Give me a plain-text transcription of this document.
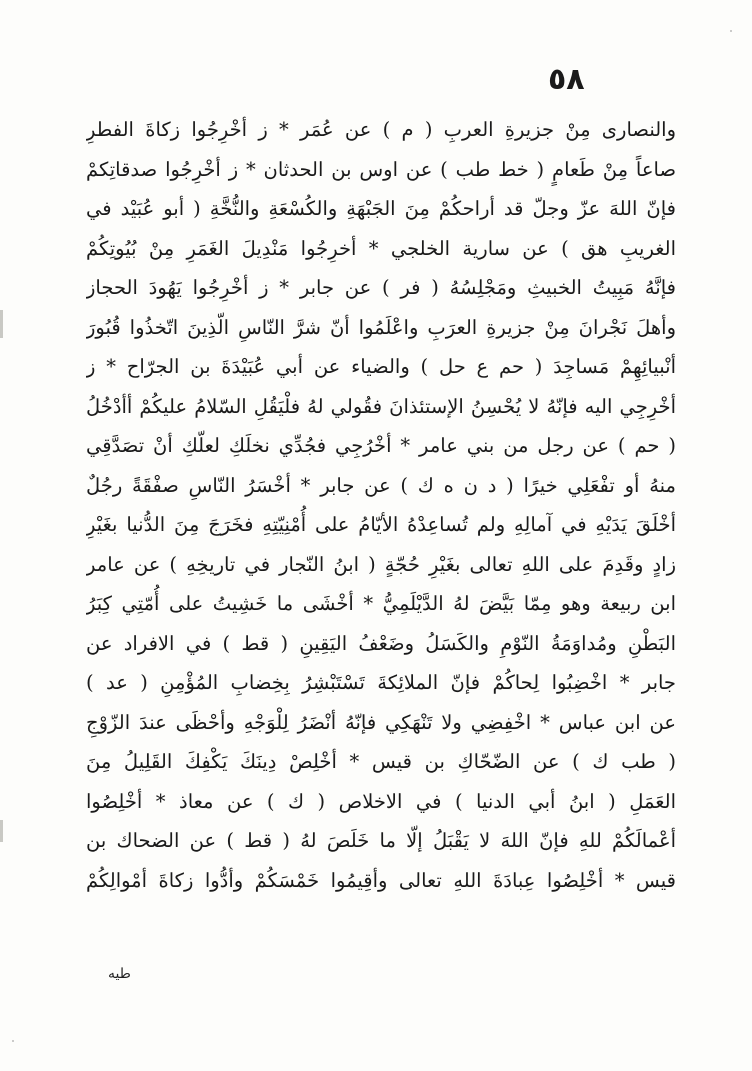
٥٨
والنصارى مِنْ جزيرةِ العربِ ( م ) عن عُمَر * ز أخْرِجُوا زكاةَ الفطرِ
صاعاً مِنْ طَعامٍ ( خط طب ) عن اوس بن الحدثان * ز أخْرِجُوا صدقاتِكمْ
فإنّ اللهَ عزّ وجلّ قد أراحكُمْ مِنَ الجَبْهَةِ والكُسْعَةِ والنُّخَّةِ ( أبو عُبَيْد في
الغريبِ هق ) عن سارية الخلجي * أخرِجُوا مَنْدِيلَ الغَمَرِ مِنْ بُيُوتِكُمْ
فإنَّهُ مَبِيتُ الخبيثِ ومَجْلِسُهُ ( فر ) عن جابر * ز أخْرِجُوا يَهُودَ الحجاز
وأهلَ نَجْرانَ مِنْ جزيرةِ العرَبِ واعْلَمُوا أنّ شرَّ النّاسِ الّذِينَ اتّخذُوا قُبُورَ
أنْبيائِهِمْ مَساجِدَ ( حم ع حل ) والضياء عن أبي عُبَيْدَةَ بن الجرّاح * ز
أخْرِجِي اليه فإنّهُ لا يُحْسِنُ الإستئذانَ فقُولي لهُ فلْيَقُلِ السّلامُ عليكُمْ أأدْخُلُ
( حم ) عن رجل من بني عامر * أخْرُجِي فجُدِّي نخلَكِ لعلّكِ أنْ تصَدَّقِي
منهُ أو تفْعَلِي خيرًا ( د ن ه ك ) عن جابر * أخْسَرُ النّاسِ صفْقَةً رجُلٌ
أخْلَقَ يَدَيْهِ في آمالِهِ ولم تُساعِدْهُ الأيّامُ على أُمْنِيّتِهِ فخَرَجَ مِنَ الدُّنيا بغَيْرِ
زادٍ وقَدِمَ على اللهِ تعالى بغَيْرِ حُجّةٍ ( ابنُ النّجار في تاريخِهِ ) عن عامر
ابن ربيعة وهو مِمّا بَيَّضَ لهُ الدَّيْلَمِيُّ * أخْشَى ما خَشِيتُ على أُمّتِي كِبَرُ
البَطْنِ ومُداوَمَةُ النّوْمِ والكَسَلُ وضَعْفُ اليَقِينِ ( قط ) في الافراد عن
جابر * اخْضِبُوا لِحاكُمْ فإنّ الملائِكةَ تَسْتَبْشِرُ بِخِضابِ المُؤْمِنِ ( عد )
عن ابن عباس * اخْفِضِي ولا تَنْهَكِي فإنّهُ أنْضَرُ لِلْوَجْهِ وأحْظَى عندَ الزّوْجِ
( طب ك ) عن الضّحّاكِ بن قيس * أخْلِصْ دِينَكَ يَكْفِكَ القَلِيلُ مِنَ
العَمَلِ ( ابنُ أبي الدنيا ) في الاخلاص ( ك ) عن معاذ * أخْلِصُوا
أعْمالَكُمْ للهِ فإنّ اللهَ لا يَقْبَلُ إلّا ما خَلَصَ لهُ ( قط ) عن الضحاك بن
قيس * أخْلِصُوا عِبادَةَ اللهِ تعالى وأقِيمُوا خَمْسَكُمْ وأدُّوا زكاةَ أمْوالِكُمْ
طيه
